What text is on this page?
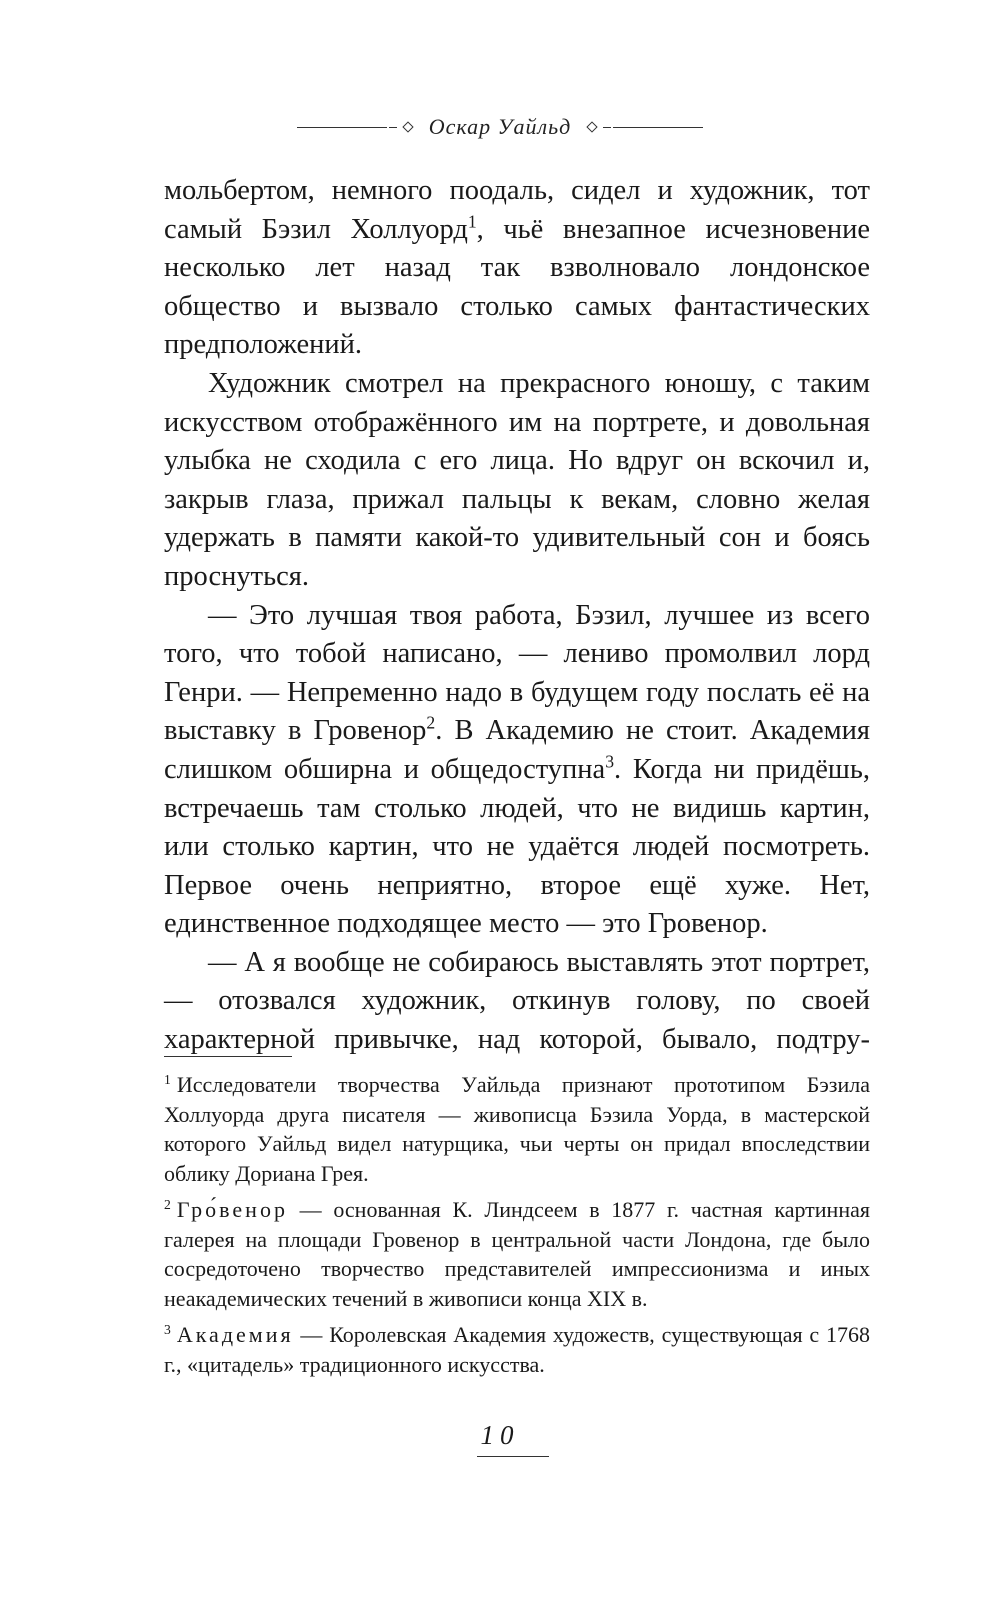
Оскар Уайльд

мольбертом, немного поодаль, сидел и художник, тот самый Бэзил Холлуорд$^1$, чьё внезапное исчезновение несколько лет назад так взволновало лондонское общество и вызвало столько самых фантастических предположений.

Художник смотрел на прекрасного юношу, с таким искусством отображённого им на портрете, и довольная улыбка не сходила с его лица. Но вдруг он вскочил и, закрыв глаза, прижал пальцы к векам, словно желая удержать в памяти какой-то удивительный сон и боясь проснуться.

— Это лучшая твоя работа, Бэзил, лучшее из всего того, что тобой написано, — лениво промолвил лорд Генри. — Непременно надо в будущем году послать её на выставку в Гровенор$^2$. В Академию не стоит. Академия слишком обширна и общедоступна$^3$. Когда ни придёшь, встречаешь там столько людей, что не видишь картин, или столько картин, что не удаётся людей посмотреть. Первое очень неприятно, второе ещё хуже. Нет, единственное подходящее место — это Гровенор.

— А я вообще не собираюсь выставлять этот портрет, — отозвался художник, откинув голову, по своей характерной привычке, над которой, бывало, подтру-

$^1$ Исследователи творчества Уайльда признают прототипом Бэзила Холлуорда друга писателя — живописца Бэзила Уорда, в мастерской которого Уайльд видел натурщика, чьи черты он придал впоследствии облику Дориана Грея.

$^2$ Гро́венор — основанная К. Линдсеем в 1877 г. частная картинная галерея на площади Гровенор в центральной части Лондона, где было сосредоточено творчество представителей импрессионизма и иных неакадемических течений в живописи конца XIX в.

$^3$ Академия — Королевская Академия художеств, существующая с 1768 г., «цитадель» традиционного искусства.

10
